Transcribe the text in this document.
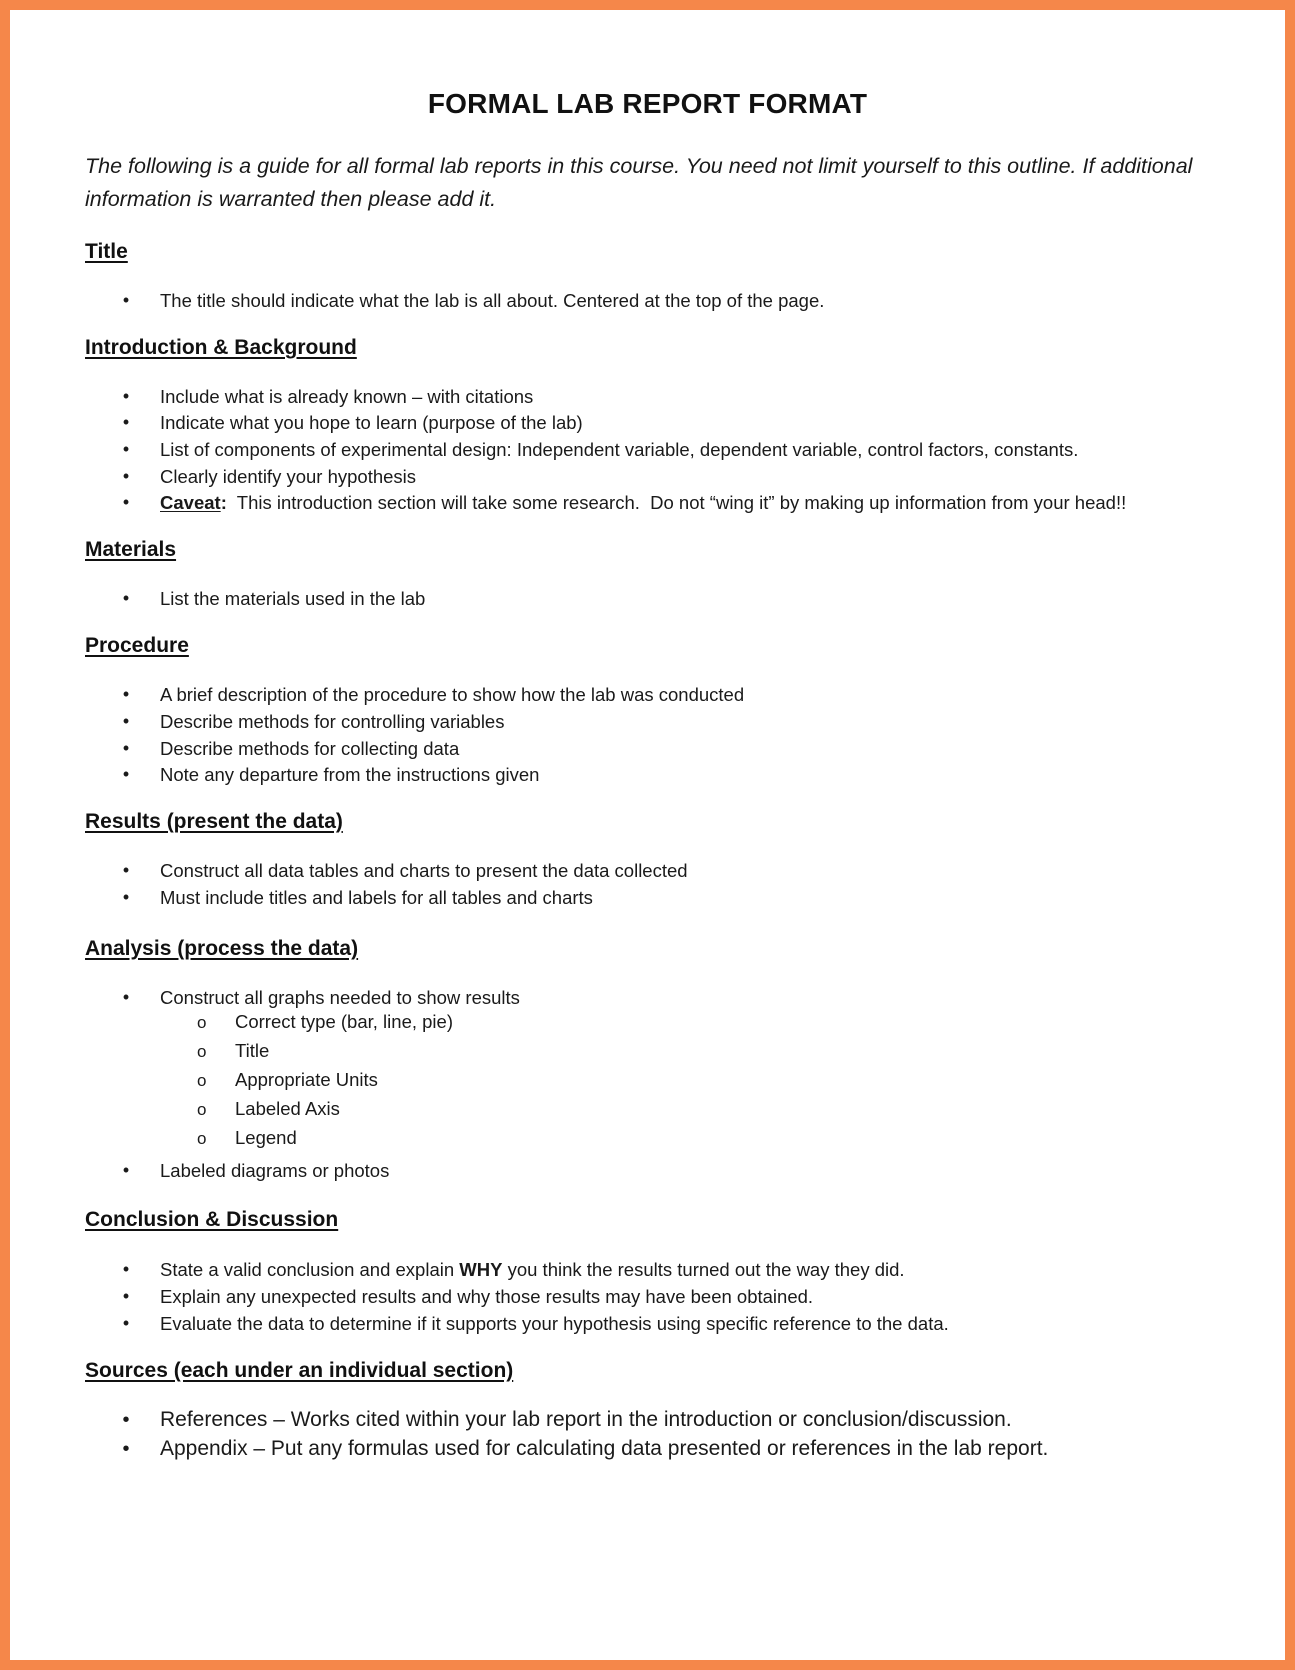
FORMAL LAB REPORT FORMAT
The following is a guide for all formal lab reports in this course. You need not limit yourself to this outline. If additional information is warranted then please add it.
Title
• The title should indicate what the lab is all about. Centered at the top of the page.
Introduction & Background
• Include what is already known – with citations
• Indicate what you hope to learn (purpose of the lab)
• List of components of experimental design: Independent variable, dependent variable, control factors, constants.
• Clearly identify your hypothesis
• Caveat:  This introduction section will take some research.  Do not “wing it” by making up information from your head!!
Materials
• List the materials used in the lab
Procedure
• A brief description of the procedure to show how the lab was conducted
• Describe methods for controlling variables
• Describe methods for collecting data
• Note any departure from the instructions given
Results (present the data)
• Construct all data tables and charts to present the data collected
• Must include titles and labels for all tables and charts
Analysis (process the data)
• Construct all graphs needed to show results
o Correct type (bar, line, pie)
o Title
o Appropriate Units
o Labeled Axis
o Legend
• Labeled diagrams or photos
Conclusion & Discussion
• State a valid conclusion and explain WHY you think the results turned out the way they did.
• Explain any unexpected results and why those results may have been obtained.
• Evaluate the data to determine if it supports your hypothesis using specific reference to the data.
Sources (each under an individual section)
• References – Works cited within your lab report in the introduction or conclusion/discussion.
• Appendix – Put any formulas used for calculating data presented or references in the lab report.
